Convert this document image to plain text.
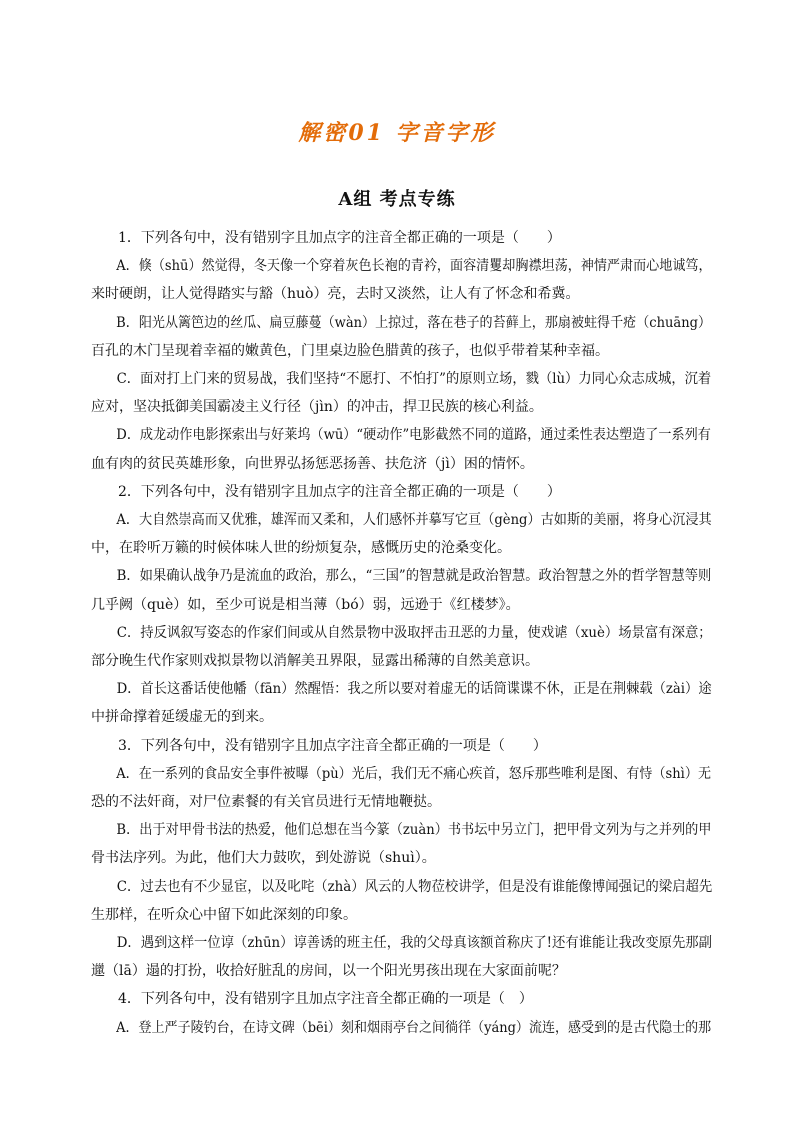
解密01 字音字形
A组 考点专练

1．下列各句中，没有错别字且加点字的注音全都正确的一项是（　　）

A．倏（shū）然觉得，冬天像一个穿着灰色长袍的青衿，面容清矍却胸襟坦荡，神情严肃而心地诚笃，

来时硬朗，让人觉得踏实与豁（huò）亮，去时又淡然，让人有了怀念和希冀。

B．阳光从篱笆边的丝瓜、扁豆藤蔓（wàn）上掠过，落在巷子的苔藓上，那扇被蛀得千疮（chuāng）

百孔的木门呈现着幸福的嫩黄色，门里桌边脸色腊黄的孩子，也似乎带着某种幸福。

C．面对打上门来的贸易战，我们坚持“不愿打、不怕打”的原则立场，戮（lù）力同心众志成城，沉着

应对，坚决抵御美国霸凌主义行径（jìn）的冲击，捍卫民族的核心利益。

D．成龙动作电影探索出与好莱坞（wū）“硬动作”电影截然不同的道路，通过柔性表达塑造了一系列有

血有肉的贫民英雄形象，向世界弘扬惩恶扬善、扶危济（jì）困的情怀。

2．下列各句中，没有错别字且加点字的注音全都正确的一项是（　　）

A．大自然崇高而又优雅，雄浑而又柔和，人们感怀并摹写它亘（gèng）古如斯的美丽，将身心沉浸其

中，在聆听万籁的时候体味人世的纷烦复杂，感慨历史的沧桑变化。

B．如果确认战争乃是流血的政治，那么，“三国”的智慧就是政治智慧。政治智慧之外的哲学智慧等则

几乎阙（què）如，至少可说是相当薄（bó）弱，远逊于《红楼梦》。

C．持反讽叙写姿态的作家们间或从自然景物中汲取抨击丑恶的力量，使戏谑（xuè）场景富有深意；

部分晚生代作家则戏拟景物以消解美丑界限，显露出稀薄的自然美意识。

D．首长这番话使他幡（fān）然醒悟：我之所以要对着虚无的话筒谍谍不休，正是在荆棘载（zài）途

中拼命撑着延缓虚无的到来。

3．下列各句中，没有错别字且加点字注音全都正确的一项是（　　）

A．在一系列的食品安全事件被曝（pù）光后，我们无不痛心疾首，怒斥那些唯利是图、有恃（shì）无

恐的不法奸商，对尸位素餐的有关官员进行无情地鞭挞。

B．出于对甲骨书法的热爱，他们总想在当今篆（zuàn）书书坛中另立门，把甲骨文列为与之并列的甲

骨书法序列。为此，他们大力鼓吹，到处游说（shuì）。

C．过去也有不少显宦，以及叱咤（zhà）风云的人物莅校讲学，但是没有谁能像博闻强记的梁启超先

生那样，在听众心中留下如此深刻的印象。

D．遇到这样一位谆（zhūn）谆善诱的班主任，我的父母真该额首称庆了!还有谁能让我改变原先那副

邋（lā）遢的打扮，收拾好脏乱的房间，以一个阳光男孩出现在大家面前呢？

4．下列各句中，没有错别字且加点字注音全都正确的一项是（　）

A．登上严子陵钓台，在诗文碑（bēi）刻和烟雨亭台之间徜徉（yáng）流连，感受到的是古代隐士的那
